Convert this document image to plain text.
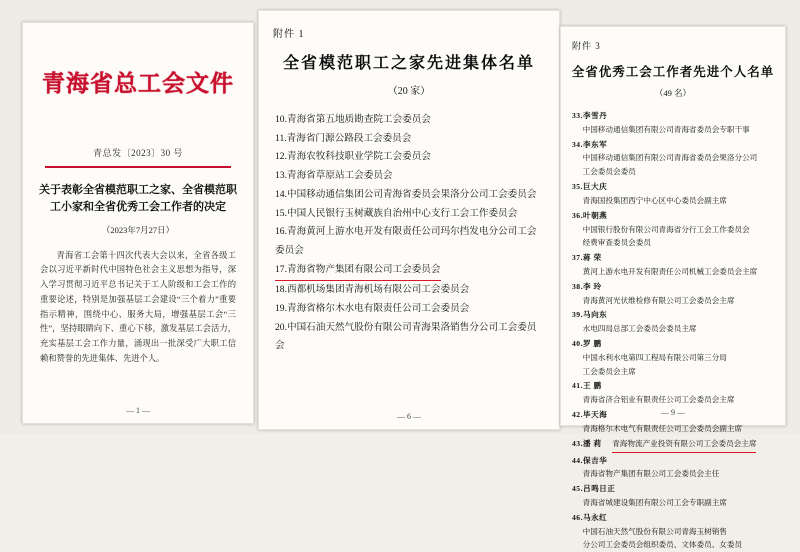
青海省总工会文件
青总发〔2023〕30 号
关于表彰全省模范职工之家、全省模范职工小家和全省优秀工会工作者的决定
（2023年7月27日）
青海省工会第十四次代表大会以来，全省各级工会以习近平新时代中国特色社会主义思想为指导，深入学习贯彻习近平总书记关于工人阶级和工会工作的重要论述，特别是加强基层工会建设“三个着力”重要指示精神，围绕中心、服务大局，增强基层工会“三性”，坚持眼睛向下、重心下移，激发基层工会活力，充实基层工会工作力量，涌现出一批深受广大职工信赖和赞誉的先进集体、先进个人。
— 1 —
附件 1
全省模范职工之家先进集体名单
（20 家）
10.青海省第五地质勘查院工会委员会
11.青海省门源公路段工会委员会
12.青海农牧科技职业学院工会委员会
13.青海省草原站工会委员会
14.中国移动通信集团公司青海省委员会果洛分公司工会委员会
15.中国人民银行玉树藏族自治州中心支行工会工作委员会
16.青海黄河上游水电开发有限责任公司玛尔挡发电分公司工会委员会
17.青海省物产集团有限公司工会委员会
18.西都机场集团青海机场有限公司工会委员会
19.青海省格尔木水电有限责任公司工会委员会
20.中国石油天然气股份有限公司青海果洛销售分公司工会委员会
— 6 —
附件 3
全省优秀工会工作者先进个人名单
（49 名）
33.李雪丹
中国移动通信集团有限公司青海省委员会专职干事
34.李东军
中国移动通信集团有限公司青海省委员会果洛分公司
工会委员会委员
35.巨大庆
青海国投集团西宁中心区中心委员会副主席
36.叶朝燕
中国银行股份有限公司青海省分行工会工作委员会
经费审查委员会委员
37.蒋 荣
黄河上游水电开发有限责任公司机械工会委员会主席
38.李 玲
青海黄河光伏维检修有限公司工会委员会主席
39.马向东
水电四局总部工会委员会委员主席
40.罗 鹏
中国水利水电第四工程局有限公司第三分局
工会委员会主席
41.王 鹏
青海省济合铝业有限责任公司工会委员会主席
42.毕天海
青海格尔木电气有限责任公司工会委员会副主席
43.潘 莉 青海物流产业投资有限公司工会委员会主席
44.保吉华
青海省物产集团有限公司工会委员会主任
45.吕鸣日正
青海省城建设集团有限公司工会专职副主席
46.马永红
中国石油天然气股份有限公司青海玉树销售
分公司工会委员会组织委员、文体委员、女委员
— 9 —
